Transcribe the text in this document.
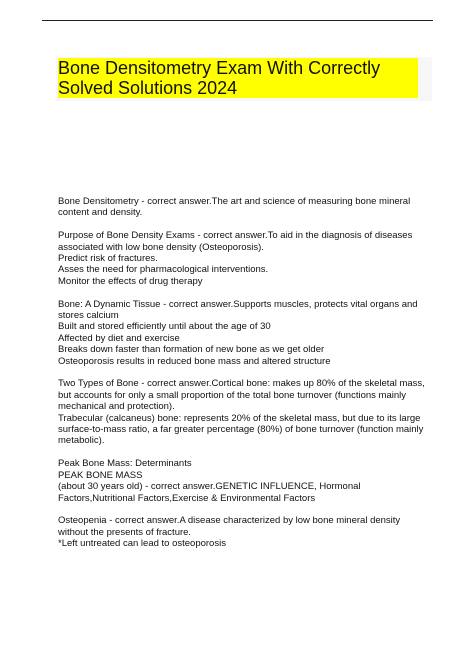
Bone Densitometry Exam With Correctly
Solved Solutions 2024
Bone Densitometry - correct answer.The art and science of measuring bone mineral
content and density.
Purpose of Bone Density Exams - correct answer.To aid in the diagnosis of diseases
associated with low bone density (Osteoporosis).
Predict risk of fractures.
Asses the need for pharmacological interventions.
Monitor the effects of drug therapy
Bone: A Dynamic Tissue - correct answer.Supports muscles, protects vital organs and
stores calcium
Built and stored efficiently until about the age of 30
Affected by diet and exercise
Breaks down faster than formation of new bone as we get older
Osteoporosis results in reduced bone mass and altered structure
Two Types of Bone - correct answer.Cortical bone: makes up 80% of the skeletal mass,
but accounts for only a small proportion of the total bone turnover (functions mainly
mechanical and protection).
Trabecular (calcaneus) bone: represents 20% of the skeletal mass, but due to its large
surface-to-mass ratio, a far greater percentage (80%) of bone turnover (function mainly
metabolic).
Peak Bone Mass: Determinants
PEAK BONE MASS
(about 30 years old) - correct answer.GENETIC INFLUENCE, Hormonal
Factors,Nutritional Factors,Exercise & Environmental Factors
Osteopenia - correct answer.A disease characterized by low bone mineral density
without the presents of fracture.
*Left untreated can lead to osteoporosis
